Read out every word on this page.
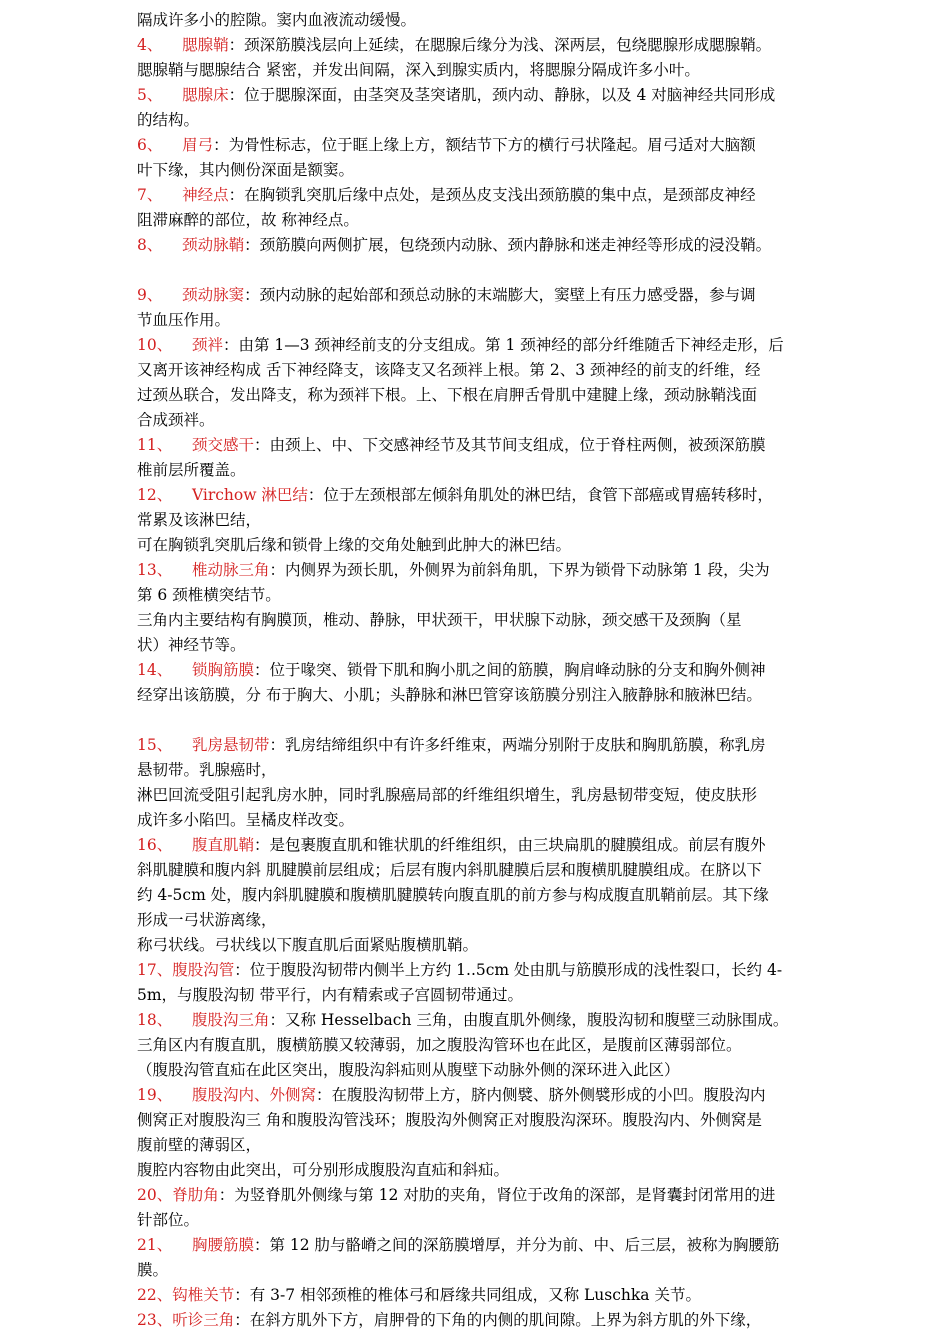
隔成许多小的腔隙。窦内血液流动缓慢。
4、    腮腺鞘：颈深筋膜浅层向上延续，在腮腺后缘分为浅、深两层，包绕腮腺形成腮腺鞘。
腮腺鞘与腮腺结合 紧密，并发出间隔，深入到腺实质内，将腮腺分隔成许多小叶。
5、    腮腺床：位于腮腺深面，由茎突及茎突诸肌，颈内动、静脉，以及 4 对脑神经共同形成
的结构。
6、    眉弓：为骨性标志，位于眶上缘上方，额结节下方的横行弓状隆起。眉弓适对大脑额
叶下缘，其内侧份深面是额窦。
7、    神经点：在胸锁乳突肌后缘中点处，是颈丛皮支浅出颈筋膜的集中点，是颈部皮神经
阻滞麻醉的部位，故 称神经点。
8、    颈动脉鞘：颈筋膜向两侧扩展，包绕颈内动脉、颈内静脉和迷走神经等形成的浸没鞘。
9、    颈动脉窦：颈内动脉的起始部和颈总动脉的末端膨大，窦壁上有压力感受器，参与调
节血压作用。
10、    颈袢：由第 1—3 颈神经前支的分支组成。第 1 颈神经的部分纤维随舌下神经走形，后
又离开该神经构成 舌下神经降支，该降支又名颈袢上根。第 2、3 颈神经的前支的纤维，经
过颈丛联合，发出降支，称为颈袢下根。上、下根在肩胛舌骨肌中建腱上缘，颈动脉鞘浅面
合成颈袢。
11、    颈交感干：由颈上、中、下交感神经节及其节间支组成，位于脊柱两侧，被颈深筋膜
椎前层所覆盖。
12、    Virchow 淋巴结：位于左颈根部左倾斜角肌处的淋巴结，食管下部癌或胃癌转移时，
常累及该淋巴结，
可在胸锁乳突肌后缘和锁骨上缘的交角处触到此肿大的淋巴结。
13、    椎动脉三角：内侧界为颈长肌，外侧界为前斜角肌，下界为锁骨下动脉第 1 段，尖为
第 6 颈椎横突结节。
三角内主要结构有胸膜顶，椎动、静脉，甲状颈干，甲状腺下动脉，颈交感干及颈胸（星
状）神经节等。
14、    锁胸筋膜：位于喙突、锁骨下肌和胸小肌之间的筋膜，胸肩峰动脉的分支和胸外侧神
经穿出该筋膜，分 布于胸大、小肌；头静脉和淋巴管穿该筋膜分别注入腋静脉和腋淋巴结。
15、    乳房悬韧带：乳房结缔组织中有许多纤维束，两端分别附于皮肤和胸肌筋膜，称乳房
悬韧带。乳腺癌时，
淋巴回流受阻引起乳房水肿，同时乳腺癌局部的纤维组织增生，乳房悬韧带变短，使皮肤形
成许多小陷凹。呈橘皮样改变。
16、    腹直肌鞘：是包裹腹直肌和锥状肌的纤维组织，由三块扁肌的腱膜组成。前层有腹外
斜肌腱膜和腹内斜 肌腱膜前层组成；后层有腹内斜肌腱膜后层和腹横肌腱膜组成。在脐以下
约 4-5cm 处，腹内斜肌腱膜和腹横肌腱膜转向腹直肌的前方参与构成腹直肌鞘前层。其下缘
形成一弓状游离缘，
称弓状线。弓状线以下腹直肌后面紧贴腹横肌鞘。
17、腹股沟管：位于腹股沟韧带内侧半上方约 1..5cm 处由肌与筋膜形成的浅性裂口，长约 4-
5m，与腹股沟韧 带平行，内有精索或子宫圆韧带通过。
18、    腹股沟三角：又称 Hesselbach 三角，由腹直肌外侧缘，腹股沟韧和腹壁三动脉围成。
三角区内有腹直肌，腹横筋膜又较薄弱，加之腹股沟管环也在此区，是腹前区薄弱部位。
（腹股沟管直疝在此区突出，腹股沟斜疝则从腹壁下动脉外侧的深环进入此区）
19、    腹股沟内、外侧窝：在腹股沟韧带上方，脐内侧襞、脐外侧襞形成的小凹。腹股沟内
侧窝正对腹股沟三 角和腹股沟管浅环；腹股沟外侧窝正对腹股沟深环。腹股沟内、外侧窝是
腹前壁的薄弱区，
腹腔内容物由此突出，可分别形成腹股沟直疝和斜疝。
20、脊肋角：为竖脊肌外侧缘与第 12 对肋的夹角，肾位于改角的深部，是肾囊封闭常用的进
针部位。
21、    胸腰筋膜：第 12 肋与骼嵴之间的深筋膜增厚，并分为前、中、后三层，被称为胸腰筋
膜。
22、钩椎关节：有 3-7 相邻颈椎的椎体弓和唇缘共同组成，又称 Luschka 关节。
23、听诊三角：在斜方肌外下方，肩胛骨的下角的内侧的肌间隙。上界为斜方肌的外下缘，
